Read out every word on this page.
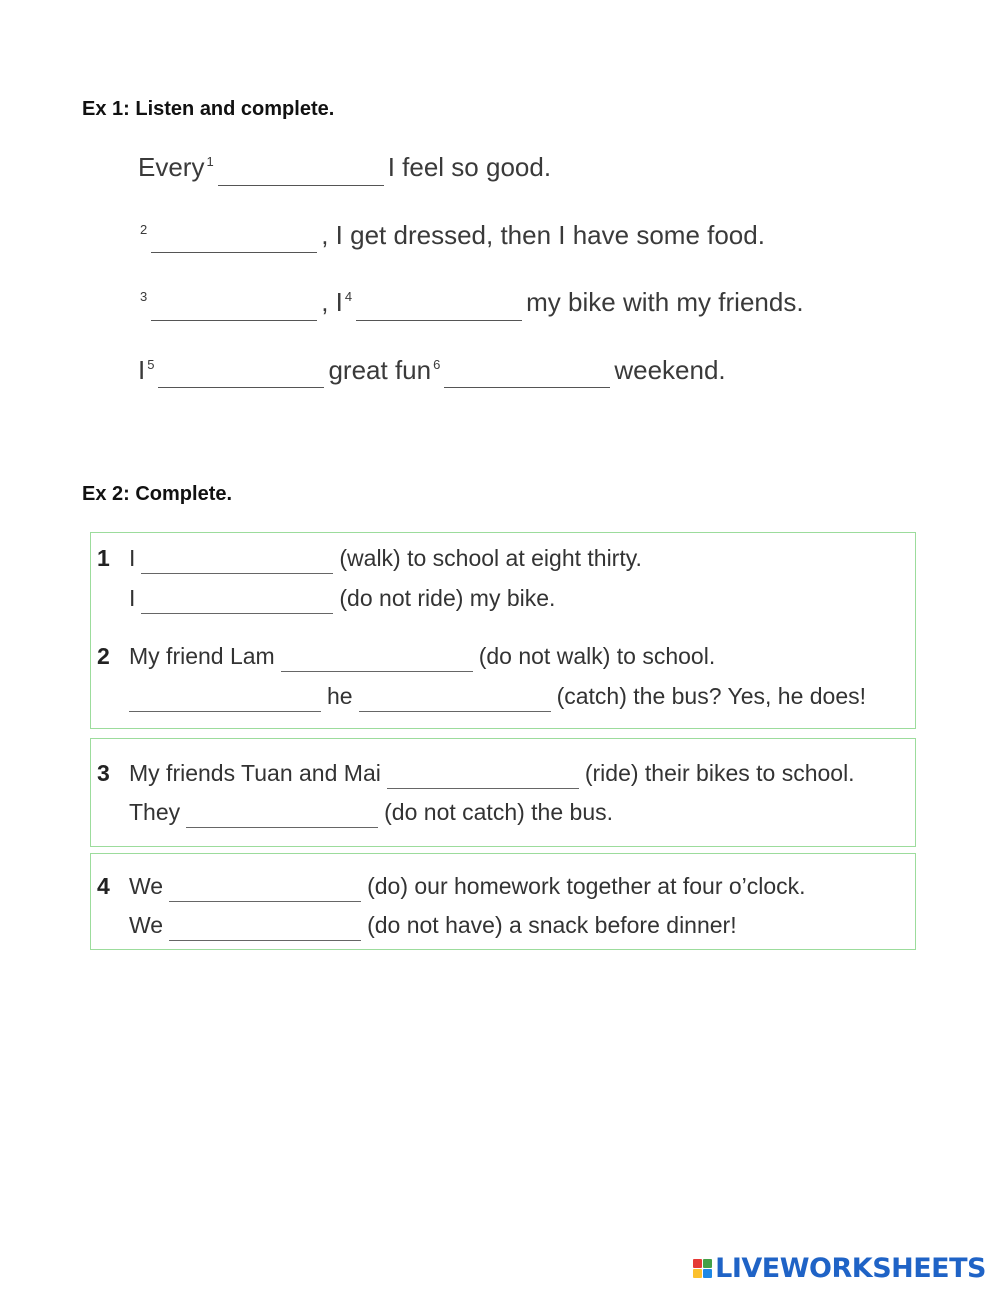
Ex 1: Listen and complete.
Every $^1$	I feel so good.
$^2$	, I get dressed, then I have some food.
$^3$	, I $^4$	my bike with my friends.
I $^5$	great fun $^6$	weekend.
Ex 2: Complete.
1 I	(walk) to school at eight thirty.
I	(do not ride) my bike.
2 My friend Lam	(do not walk) to school.
he	(catch) the bus? Yes, he does!
3 My friends Tuan and Mai	(ride) their bikes to school.
They	(do not catch) the bus.
4 We	(do) our homework together at four o’clock.
We	(do not have) a snack before dinner!
LIVEWORKSHEETS
